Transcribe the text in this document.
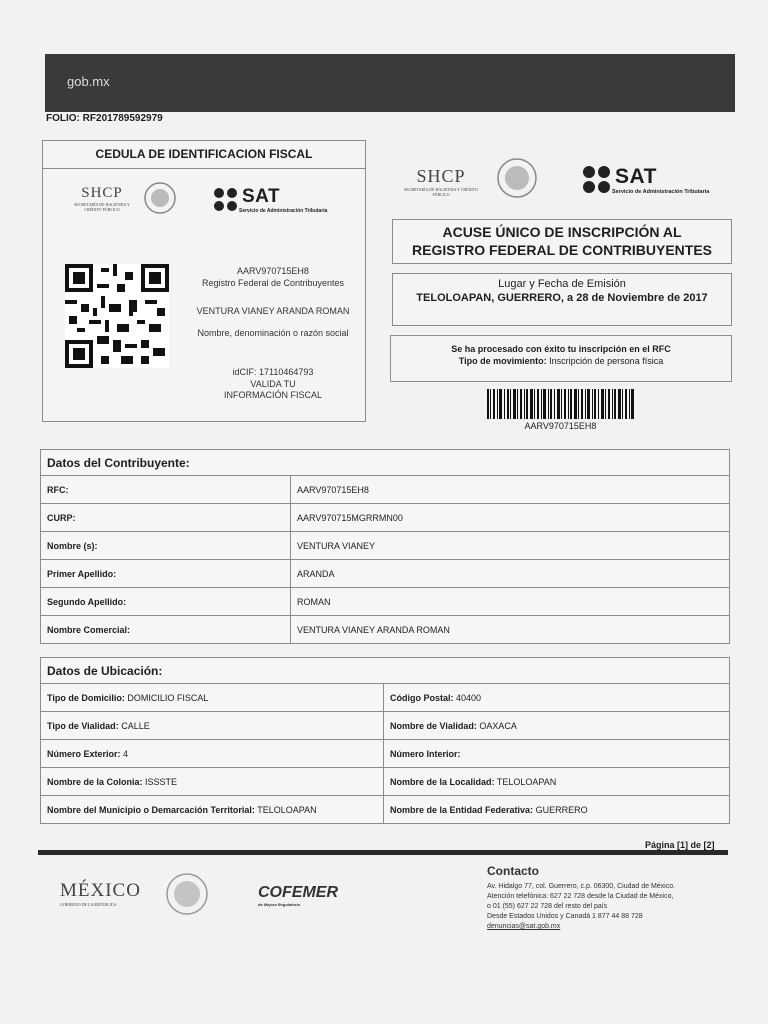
gob.mx
FOLIO: RF201789592979
CEDULA DE IDENTIFICACION FISCAL
SHCP
SECRETARÍA DE HACIENDA Y CRÉDITO PÚBLICO
SAT
Servicio de Administración Tributaria
AARV970715EH8
Registro Federal de Contribuyentes
VENTURA VIANEY ARANDA ROMAN
Nombre, denominación o razón social
idCIF: 17110464793
VALIDA TU INFORMACIÓN FISCAL
SHCP
SECRETARÍA DE HACIENDA Y CRÉDITO PÚBLICO
SAT
Servicio de Administración Tributaria
ACUSE ÚNICO DE INSCRIPCIÓN AL
REGISTRO FEDERAL DE CONTRIBUYENTES
Lugar y Fecha de Emisión
TELOLOAPAN, GUERRERO, a 28 de Noviembre de 2017
Se ha procesado con éxito tu inscripción en el RFC
Tipo de movimiento: Inscripción de persona física
AARV970715EH8
Datos del Contribuyente:	
RFC:	AARV970715EH8
CURP:	AARV970715MGRRMN00
Nombre (s):	VENTURA VIANEY
Primer Apellido:	ARANDA
Segundo Apellido:	ROMAN
Nombre Comercial:	VENTURA VIANEY ARANDA ROMAN
Datos de Ubicación:	
Tipo de Domicilio: DOMICILIO FISCAL	Código Postal: 40400
Tipo de Vialidad: CALLE	Nombre de Vialidad: OAXACA
Número Exterior: 4	Número Interior:
Nombre de la Colonia: ISSSTE	Nombre de la Localidad: TELOLOAPAN
Nombre del Municipio o Demarcación Territorial: TELOLOAPAN	Nombre de la Entidad Federativa: GUERRERO
Página [1] de [2]
MÉXICO
GOBIERNO DE LA REPÚBLICA
COFEMER
de Mejora Regulatoria
Contacto
Av. Hidalgo 77, col. Guerrero, c.p. 06300, Ciudad de México.
Atención telefónica: 627 22 728 desde la Ciudad de México,
o 01 (55) 627 22 728 del resto del país
Desde Estados Unidos y Canadá 1 877 44 88 728
denuncias@sat.gob.mx
